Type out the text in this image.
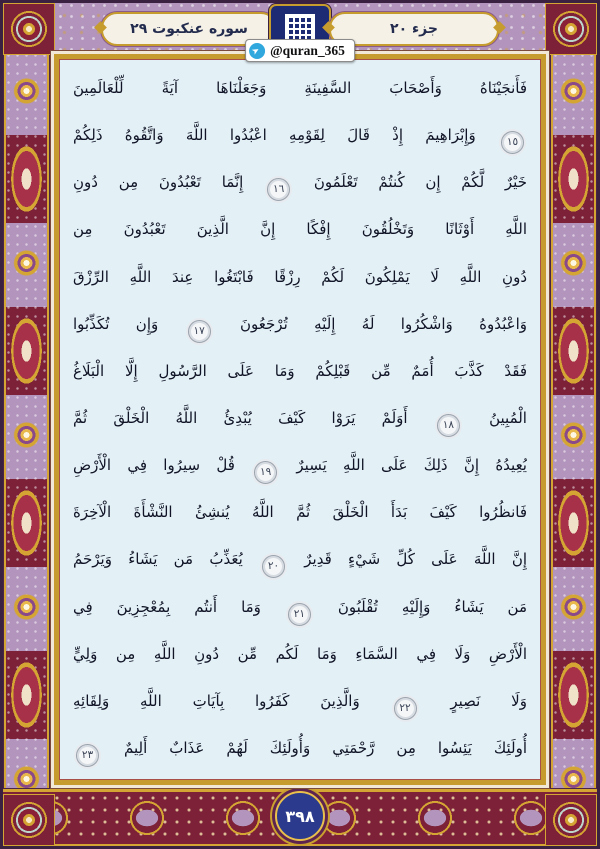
سوره عنكبوت ٢٩	جزء ٢٠
➤ @quran_365
فَأَنجَيْنَاهُ وَأَصْحَابَ السَّفِينَةِ وَجَعَلْنَاهَا آيَةً لِّلْعَالَمِينَ
١٥ وَإِبْرَاهِيمَ إِذْ قَالَ لِقَوْمِهِ اعْبُدُوا اللَّهَ وَاتَّقُوهُ ذَلِكُمْ
خَيْرٌ لَّكُمْ إِن كُنتُمْ تَعْلَمُونَ ١٦ إِنَّمَا تَعْبُدُونَ مِن دُونِ
اللَّهِ أَوْثَانًا وَتَخْلُقُونَ إِفْكًا إِنَّ الَّذِينَ تَعْبُدُونَ مِن
دُونِ اللَّهِ لَا يَمْلِكُونَ لَكُمْ رِزْقًا فَابْتَغُوا عِندَ اللَّهِ الرِّزْقَ
وَاعْبُدُوهُ وَاشْكُرُوا لَهُ إِلَيْهِ تُرْجَعُونَ ١٧ وَإِن تُكَذِّبُوا
فَقَدْ كَذَّبَ أُمَمٌ مِّن قَبْلِكُمْ وَمَا عَلَى الرَّسُولِ إِلَّا الْبَلَاغُ
الْمُبِينُ ١٨ أَوَلَمْ يَرَوْا كَيْفَ يُبْدِئُ اللَّهُ الْخَلْقَ ثُمَّ
يُعِيدُهُ إِنَّ ذَلِكَ عَلَى اللَّهِ يَسِيرٌ ١٩ قُلْ سِيرُوا فِي الْأَرْضِ
فَانظُرُوا كَيْفَ بَدَأَ الْخَلْقَ ثُمَّ اللَّهُ يُنشِئُ النَّشْأَةَ الْآخِرَةَ
إِنَّ اللَّهَ عَلَى كُلِّ شَيْءٍ قَدِيرٌ ٢٠ يُعَذِّبُ مَن يَشَاءُ وَيَرْحَمُ
مَن يَشَاءُ وَإِلَيْهِ تُقْلَبُونَ ٢١ وَمَا أَنتُم بِمُعْجِزِينَ فِي
الْأَرْضِ وَلَا فِي السَّمَاءِ وَمَا لَكُم مِّن دُونِ اللَّهِ مِن وَلِيٍّ
وَلَا نَصِيرٍ ٢٢ وَالَّذِينَ كَفَرُوا بِآيَاتِ اللَّهِ وَلِقَائِهِ
أُولَئِكَ يَئِسُوا مِن رَّحْمَتِي وَأُولَئِكَ لَهُمْ عَذَابٌ أَلِيمٌ ٢٣
٣٩٨
